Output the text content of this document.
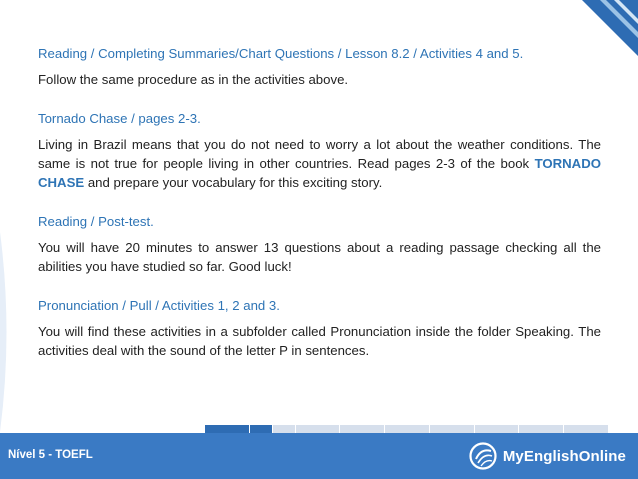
Reading / Completing Summaries/Chart Questions / Lesson 8.2 / Activities 4 and 5.

Follow the same procedure as in the activities above.

Tornado Chase / pages 2-3.

Living in Brazil means that you do not need to worry a lot about the weather conditions. The same is not true for people living in other countries. Read pages 2-3 of the book TORNADO CHASE and prepare your vocabulary for this exciting story.

Reading / Post-test.

You will have 20 minutes to answer 13 questions about a reading passage checking all the abilities you have studied so far. Good luck!

Pronunciation / Pull / Activities 1, 2 and 3.

You will find these activities in a subfolder called Pronunciation inside the folder Speaking. The activities deal with the sound of the letter P in sentences.

Nível 5 - TOEFL	MyEnglishOnline
